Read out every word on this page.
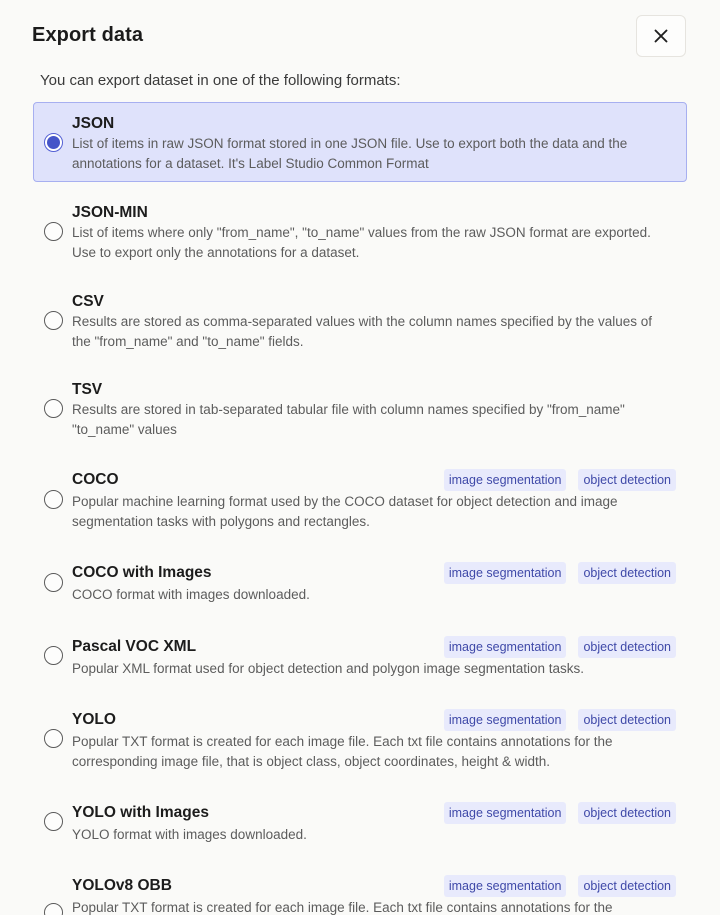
Export data
You can export dataset in one of the following formats:
JSON
List of items in raw JSON format stored in one JSON file. Use to export both the data and the annotations for a dataset. It's Label Studio Common Format
JSON-MIN
List of items where only "from_name", "to_name" values from the raw JSON format are exported. Use to export only the annotations for a dataset.
CSV
Results are stored as comma-separated values with the column names specified by the values of the "from_name" and "to_name" fields.
TSV
Results are stored in tab-separated tabular file with column names specified by "from_name" "to_name" values
COCO	image segmentation	object detection
Popular machine learning format used by the COCO dataset for object detection and image segmentation tasks with polygons and rectangles.
COCO with Images	image segmentation	object detection
COCO format with images downloaded.
Pascal VOC XML	image segmentation	object detection
Popular XML format used for object detection and polygon image segmentation tasks.
YOLO	image segmentation	object detection
Popular TXT format is created for each image file. Each txt file contains annotations for the corresponding image file, that is object class, object coordinates, height & width.
YOLO with Images	image segmentation	object detection
YOLO format with images downloaded.
YOLOv8 OBB	image segmentation	object detection
Popular TXT format is created for each image file. Each txt file contains annotations for the
